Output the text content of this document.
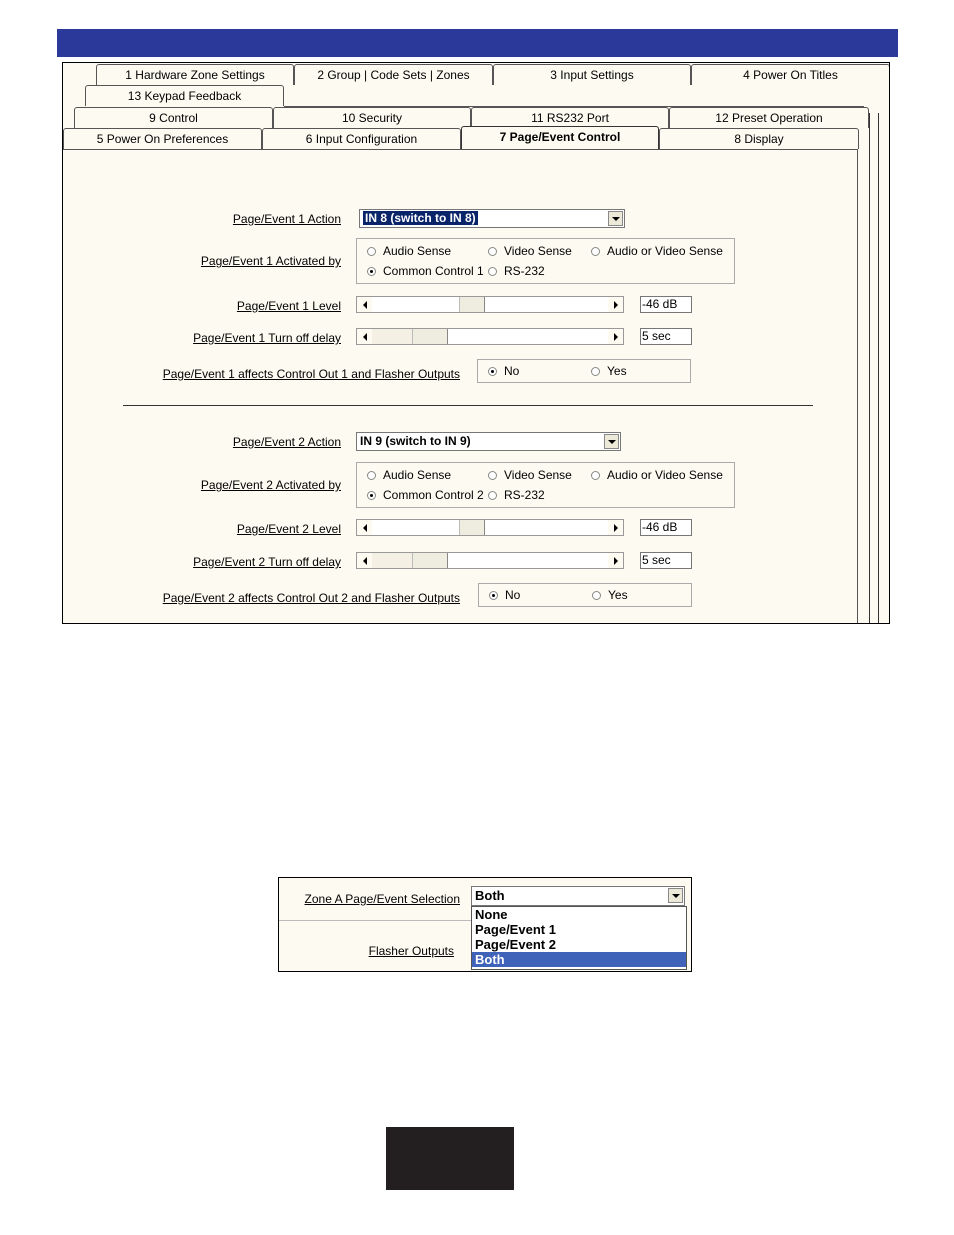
1 Hardware Zone Settings	2 Group | Code Sets | Zones	3 Input Settings	4 Power On Titles
13 Keypad Feedback
9 Control	10 Security	11 RS232 Port	12 Preset Operation
5 Power On Preferences	6 Input Configuration	7 Page/Event Control	8 Display
Page/Event 1 Action	IN 8 (switch to IN 8)
Page/Event 1 Activated by
Audio Sense	Video Sense	Audio or Video Sense
Common Control 1 RS-232
Page/Event 1 Level	-46 dB
Page/Event 1 Turn off delay	5 sec
Page/Event 1 affects Control Out 1 and Flasher Outputs	No	Yes
Page/Event 2 Action	IN 9 (switch to IN 9)
Page/Event 2 Activated by
Audio Sense	Video Sense	Audio or Video Sense
Common Control 2 RS-232
Page/Event 2 Level	-46 dB
Page/Event 2 Turn off delay	5 sec
Page/Event 2 affects Control Out 2 and Flasher Outputs	No	Yes
Zone A Page/Event Selection	Both
Flasher Outputs
None
Page/Event 1
Page/Event 2
Both
